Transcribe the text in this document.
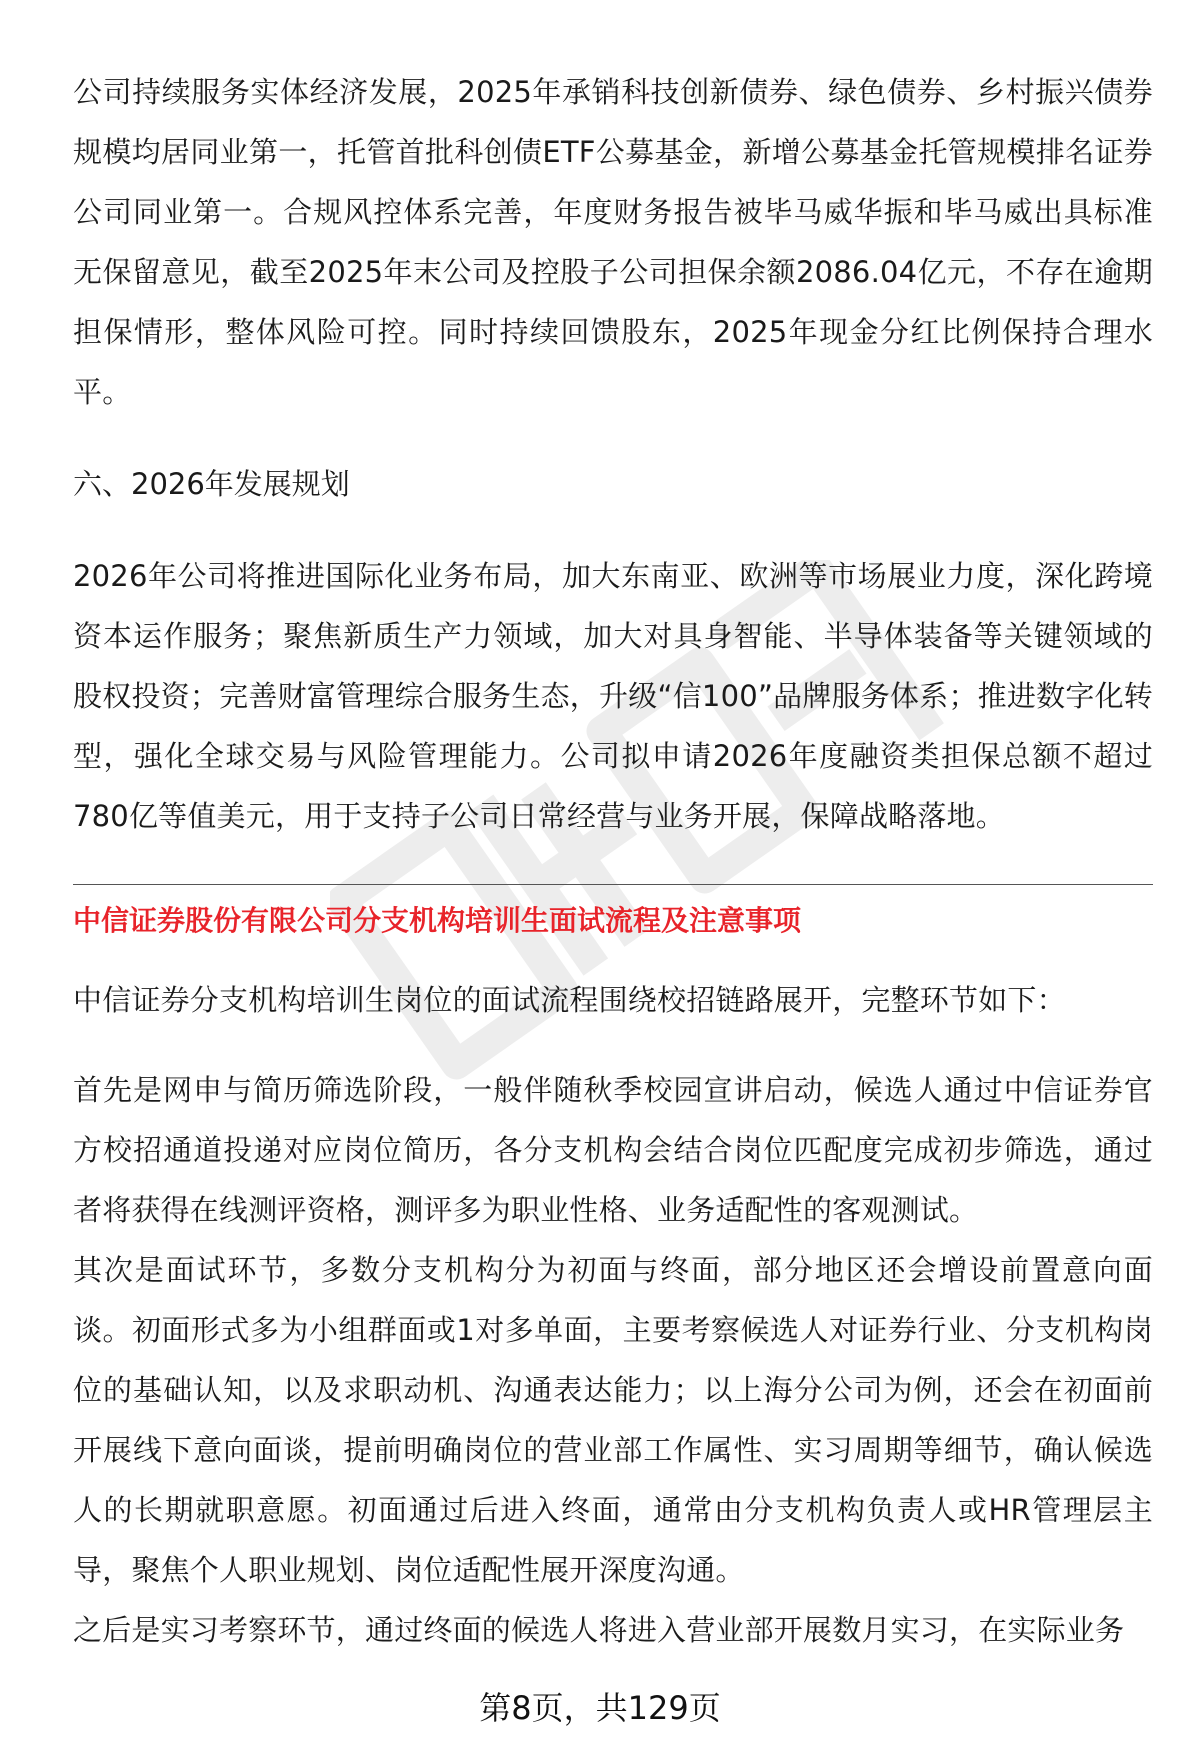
公司持续服务实体经济发展，2025年承销科技创新债券、绿色债券、乡村振兴债券规模均居同业第一，托管首批科创债ETF公募基金，新增公募基金托管规模排名证券公司同业第一。合规风控体系完善，年度财务报告被毕马威华振和毕马威出具标准无保留意见，截至2025年末公司及控股子公司担保余额2086.04亿元，不存在逾期担保情形，整体风险可控。同时持续回馈股东，2025年现金分红比例保持合理水平。

六、2026年发展规划

2026年公司将推进国际化业务布局，加大东南亚、欧洲等市场展业力度，深化跨境资本运作服务；聚焦新质生产力领域，加大对具身智能、半导体装备等关键领域的股权投资；完善财富管理综合服务生态，升级“信100”品牌服务体系；推进数字化转型，强化全球交易与风险管理能力。公司拟申请2026年度融资类担保总额不超过780亿等值美元，用于支持子公司日常经营与业务开展，保障战略落地。

中信证券股份有限公司分支机构培训生面试流程及注意事项

中信证券分支机构培训生岗位的面试流程围绕校招链路展开，完整环节如下：

首先是网申与简历筛选阶段，一般伴随秋季校园宣讲启动，候选人通过中信证券官方校招通道投递对应岗位简历，各分支机构会结合岗位匹配度完成初步筛选，通过者将获得在线测评资格，测评多为职业性格、业务适配性的客观测试。

其次是面试环节，多数分支机构分为初面与终面，部分地区还会增设前置意向面谈。初面形式多为小组群面或1对多单面，主要考察候选人对证券行业、分支机构岗位的基础认知，以及求职动机、沟通表达能力；以上海分公司为例，还会在初面前开展线下意向面谈，提前明确岗位的营业部工作属性、实习周期等细节，确认候选人的长期就职意愿。初面通过后进入终面，通常由分支机构负责人或HR管理层主导，聚焦个人职业规划、岗位适配性展开深度沟通。

之后是实习考察环节，通过终面的候选人将进入营业部开展数月实习，在实际业务

第8页，共129页
